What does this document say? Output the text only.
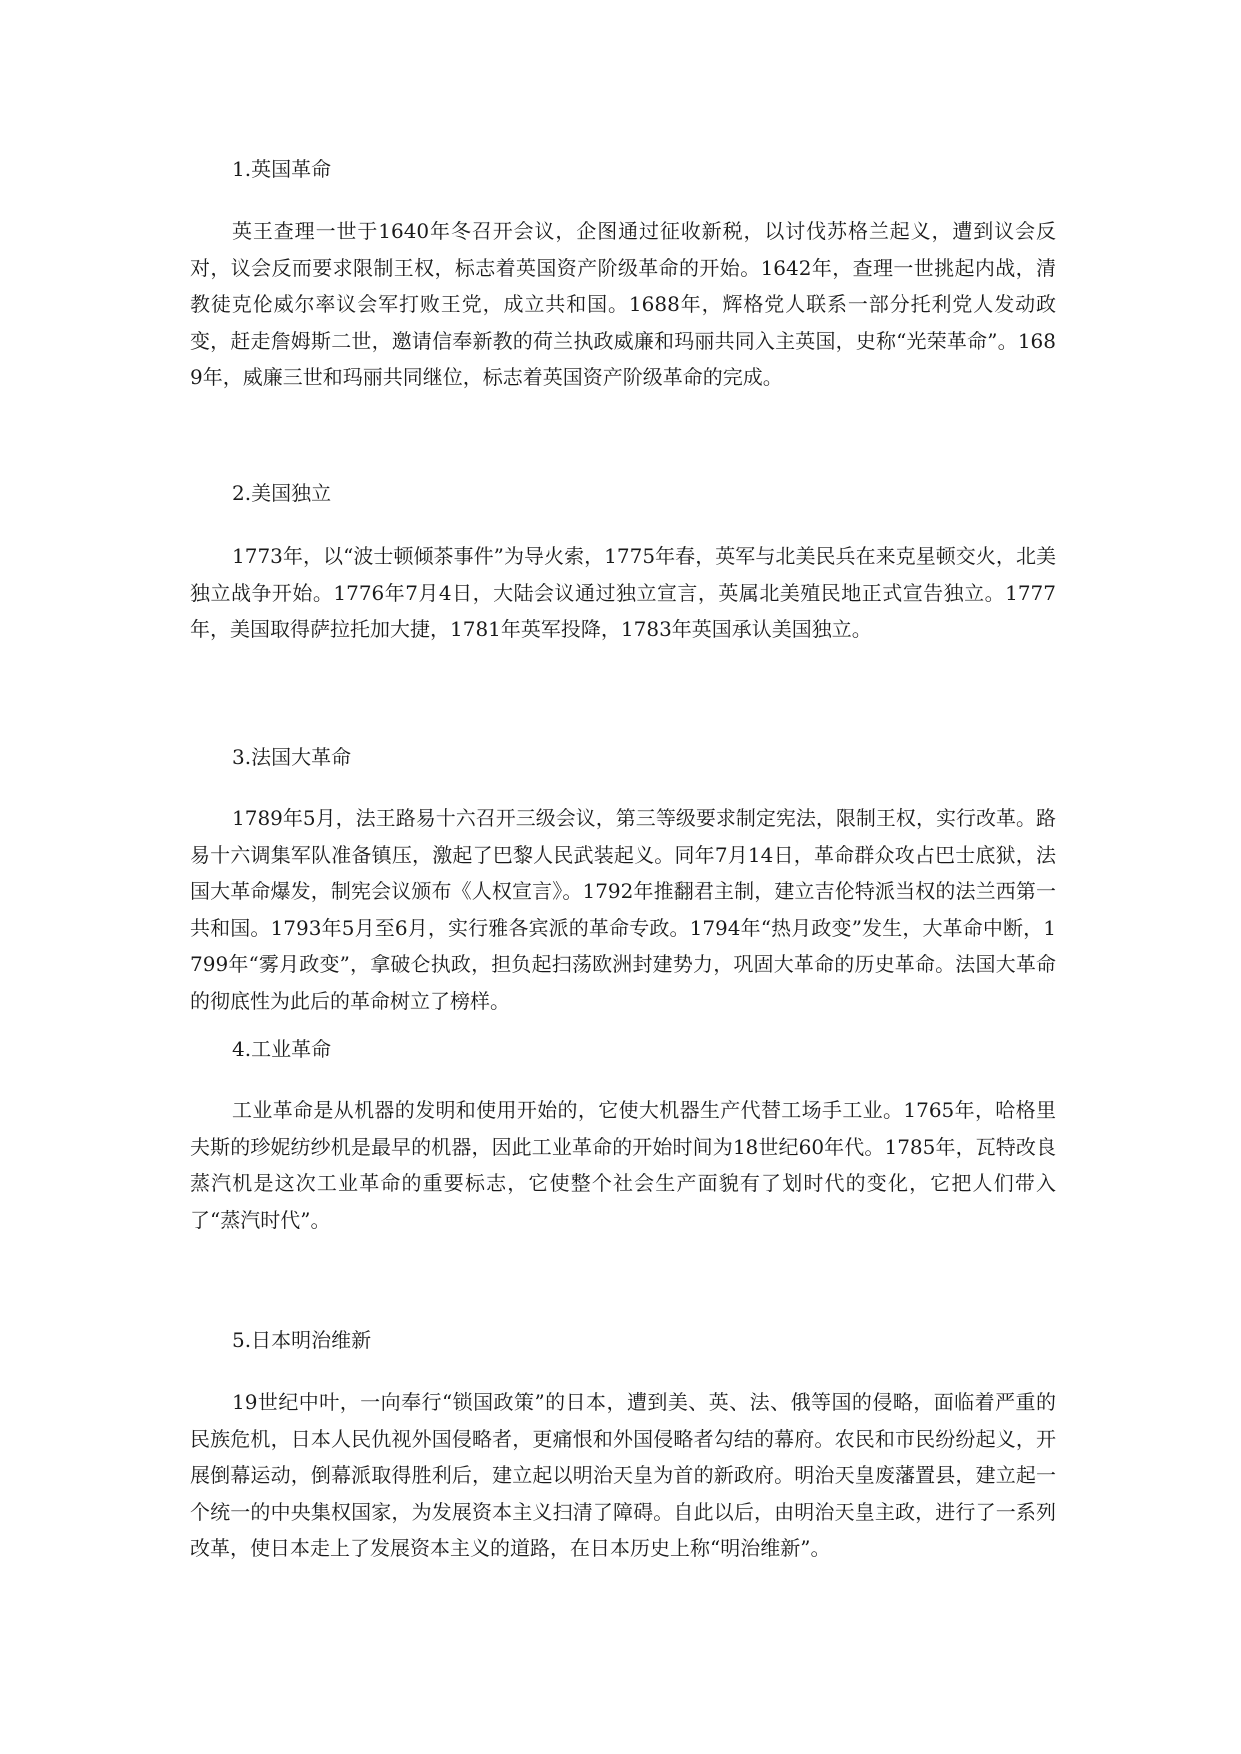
1.英国革命

英王查理一世于1640年冬召开会议，企图通过征收新税，以讨伐苏格兰起义，遭到议会反对，议会反而要求限制王权，标志着英国资产阶级革命的开始。1642年，查理一世挑起内战，清教徒克伦威尔率议会军打败王党，成立共和国。1688年，辉格党人联系一部分托利党人发动政变，赶走詹姆斯二世，邀请信奉新教的荷兰执政威廉和玛丽共同入主英国，史称“光荣革命”。1689年，威廉三世和玛丽共同继位，标志着英国资产阶级革命的完成。

2.美国独立

1773年，以“波士顿倾茶事件”为导火索，1775年春，英军与北美民兵在来克星顿交火，北美独立战争开始。1776年7月4日，大陆会议通过独立宣言，英属北美殖民地正式宣告独立。1777年，美国取得萨拉托加大捷，1781年英军投降，1783年英国承认美国独立。

3.法国大革命

1789年5月，法王路易十六召开三级会议，第三等级要求制定宪法，限制王权，实行改革。路易十六调集军队准备镇压，激起了巴黎人民武装起义。同年7月14日，革命群众攻占巴士底狱，法国大革命爆发，制宪会议颁布《人权宣言》。1792年推翻君主制，建立吉伦特派当权的法兰西第一共和国。1793年5月至6月，实行雅各宾派的革命专政。1794年“热月政变”发生，大革命中断，1799年“雾月政变”，拿破仑执政，担负起扫荡欧洲封建势力，巩固大革命的历史革命。法国大革命的彻底性为此后的革命树立了榜样。

4.工业革命

工业革命是从机器的发明和使用开始的，它使大机器生产代替工场手工业。1765年，哈格里夫斯的珍妮纺纱机是最早的机器，因此工业革命的开始时间为18世纪60年代。1785年，瓦特改良蒸汽机是这次工业革命的重要标志，它使整个社会生产面貌有了划时代的变化，它把人们带入了“蒸汽时代”。

5.日本明治维新

19世纪中叶，一向奉行“锁国政策”的日本，遭到美、英、法、俄等国的侵略，面临着严重的民族危机，日本人民仇视外国侵略者，更痛恨和外国侵略者勾结的幕府。农民和市民纷纷起义，开展倒幕运动，倒幕派取得胜利后，建立起以明治天皇为首的新政府。明治天皇废藩置县，建立起一个统一的中央集权国家，为发展资本主义扫清了障碍。自此以后，由明治天皇主政，进行了一系列改革，使日本走上了发展资本主义的道路，在日本历史上称“明治维新”。
